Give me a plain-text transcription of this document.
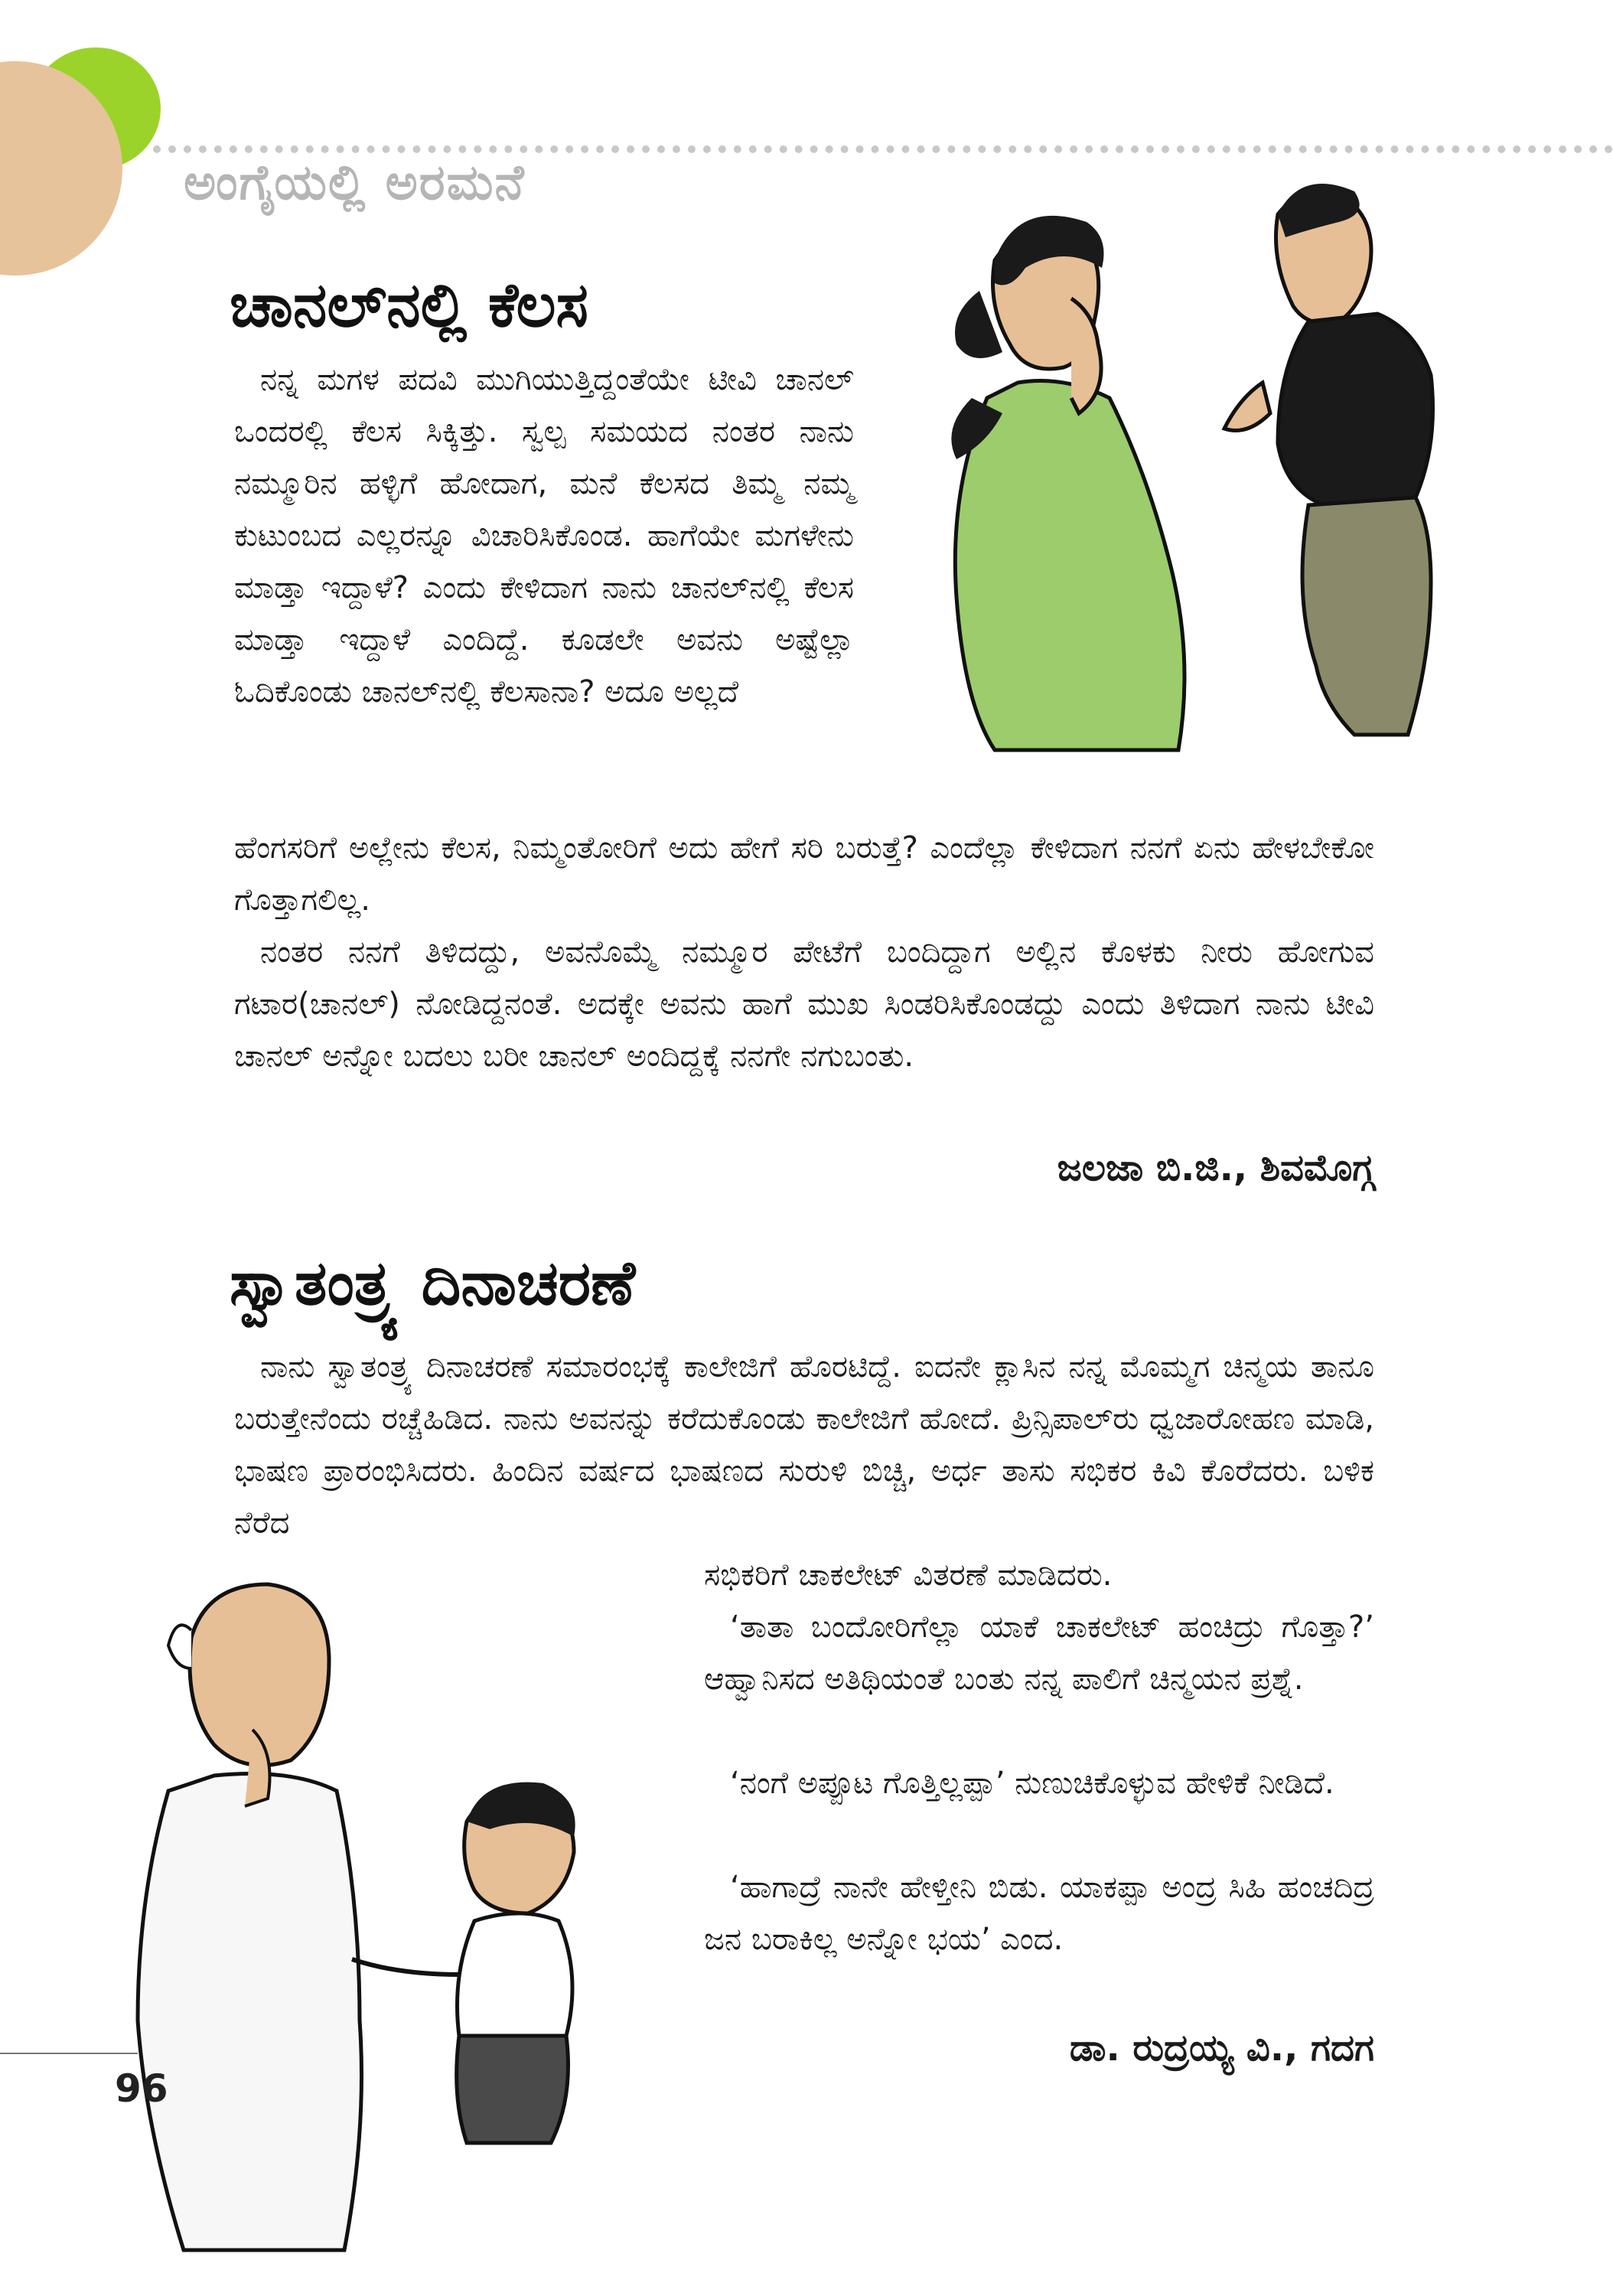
ಅಂಗೈಯಲ್ಲಿ ಅರಮನೆ
ಚಾನಲ್‌ನಲ್ಲಿ ಕೆಲಸ
ನನ್ನ ಮಗಳ ಪದವಿ ಮುಗಿಯುತ್ತಿದ್ದಂತೆಯೇ ಟೀವಿ ಚಾನಲ್ ಒಂದರಲ್ಲಿ ಕೆಲಸ ಸಿಕ್ಕಿತ್ತು. ಸ್ವಲ್ಪ ಸಮಯದ ನಂತರ ನಾನು ನಮ್ಮೂರಿನ ಹಳ್ಳಿಗೆ ಹೋದಾಗ, ಮನೆ ಕೆಲಸದ ತಿಮ್ಮ ನಮ್ಮ ಕುಟುಂಬದ ಎಲ್ಲರನ್ನೂ ವಿಚಾರಿಸಿಕೊಂಡ. ಹಾಗೆಯೇ ಮಗಳೇನು ಮಾಡ್ತಾ ಇದ್ದಾಳೆ? ಎಂದು ಕೇಳಿದಾಗ ನಾನು ಚಾನಲ್‌ನಲ್ಲಿ ಕೆಲಸ ಮಾಡ್ತಾ ಇದ್ದಾಳೆ ಎಂದಿದ್ದೆ. ಕೂಡಲೇ ಅವನು ಅಷ್ಟೆಲ್ಲಾ ಓದಿಕೊಂಡು ಚಾನಲ್‌ನಲ್ಲಿ ಕೆಲಸಾನಾ? ಅದೂ ಅಲ್ಲದೆ
ಹೆಂಗಸರಿಗೆ ಅಲ್ಲೇನು ಕೆಲಸ, ನಿಮ್ಮಂತೋರಿಗೆ ಅದು ಹೇಗೆ ಸರಿ ಬರುತ್ತೆ? ಎಂದೆಲ್ಲಾ ಕೇಳಿದಾಗ ನನಗೆ ಏನು ಹೇಳಬೇಕೋ ಗೊತ್ತಾಗಲಿಲ್ಲ.
ನಂತರ ನನಗೆ ತಿಳಿದದ್ದು, ಅವನೊಮ್ಮೆ ನಮ್ಮೂರ ಪೇಟೆಗೆ ಬಂದಿದ್ದಾಗ ಅಲ್ಲಿನ ಕೊಳಕು ನೀರು ಹೋಗುವ ಗಟಾರ(ಚಾನಲ್) ನೋಡಿದ್ದನಂತೆ. ಅದಕ್ಕೇ ಅವನು ಹಾಗೆ ಮುಖ ಸಿಂಡರಿಸಿಕೊಂಡದ್ದು ಎಂದು ತಿಳಿದಾಗ ನಾನು ಟೀವಿ ಚಾನಲ್ ಅನ್ನೋ ಬದಲು ಬರೀ ಚಾನಲ್ ಅಂದಿದ್ದಕ್ಕೆ ನನಗೇ ನಗುಬಂತು.
ಜಲಜಾ ಬಿ.ಜಿ., ಶಿವಮೊಗ್ಗ
ಸ್ವಾತಂತ್ರ್ಯ ದಿನಾಚರಣೆ
ನಾನು ಸ್ವಾತಂತ್ರ್ಯ ದಿನಾಚರಣೆ ಸಮಾರಂಭಕ್ಕೆ ಕಾಲೇಜಿಗೆ ಹೊರಟಿದ್ದೆ. ಐದನೇ ಕ್ಲಾಸಿನ ನನ್ನ ಮೊಮ್ಮಗ ಚಿನ್ಮಯ ತಾನೂ ಬರುತ್ತೇನೆಂದು ರಚ್ಚೆಹಿಡಿದ. ನಾನು ಅವನನ್ನು ಕರೆದುಕೊಂಡು ಕಾಲೇಜಿಗೆ ಹೋದೆ. ಪ್ರಿನ್ಸಿಪಾಲ್‌ರು ಧ್ವಜಾರೋಹಣ ಮಾಡಿ, ಭಾಷಣ ಪ್ರಾರಂಭಿಸಿದರು. ಹಿಂದಿನ ವರ್ಷದ ಭಾಷಣದ ಸುರುಳಿ ಬಿಚ್ಚಿ, ಅರ್ಧ ತಾಸು ಸಭಿಕರ ಕಿವಿ ಕೊರೆದರು. ಬಳಿಕ ನೆರೆದ
ಸಭಿಕರಿಗೆ ಚಾಕಲೇಟ್ ವಿತರಣೆ ಮಾಡಿದರು.
‘ತಾತಾ ಬಂದೋರಿಗೆಲ್ಲಾ ಯಾಕೆ ಚಾಕಲೇಟ್ ಹಂಚಿದ್ರು ಗೊತ್ತಾ?’ ಆಹ್ವಾನಿಸದ ಅತಿಥಿಯಂತೆ ಬಂತು ನನ್ನ ಪಾಲಿಗೆ ಚಿನ್ಮಯನ ಪ್ರಶ್ನೆ.
‘ನಂಗೆ ಅಪ್ಪೂಟ ಗೊತ್ತಿಲ್ಲಪ್ಪಾ’ ನುಣುಚಿಕೊಳ್ಳುವ ಹೇಳಿಕೆ ನೀಡಿದೆ.
‘ಹಾಗಾದ್ರೆ ನಾನೇ ಹೇಳ್ತೀನಿ ಬಿಡು. ಯಾಕಪ್ಪಾ ಅಂದ್ರ ಸಿಹಿ ಹಂಚದಿದ್ರ ಜನ ಬರಾಕಿಲ್ಲ ಅನ್ನೋ ಭಯ’ ಎಂದ.
ಡಾ. ರುದ್ರಯ್ಯ ವಿ., ಗದಗ
96
